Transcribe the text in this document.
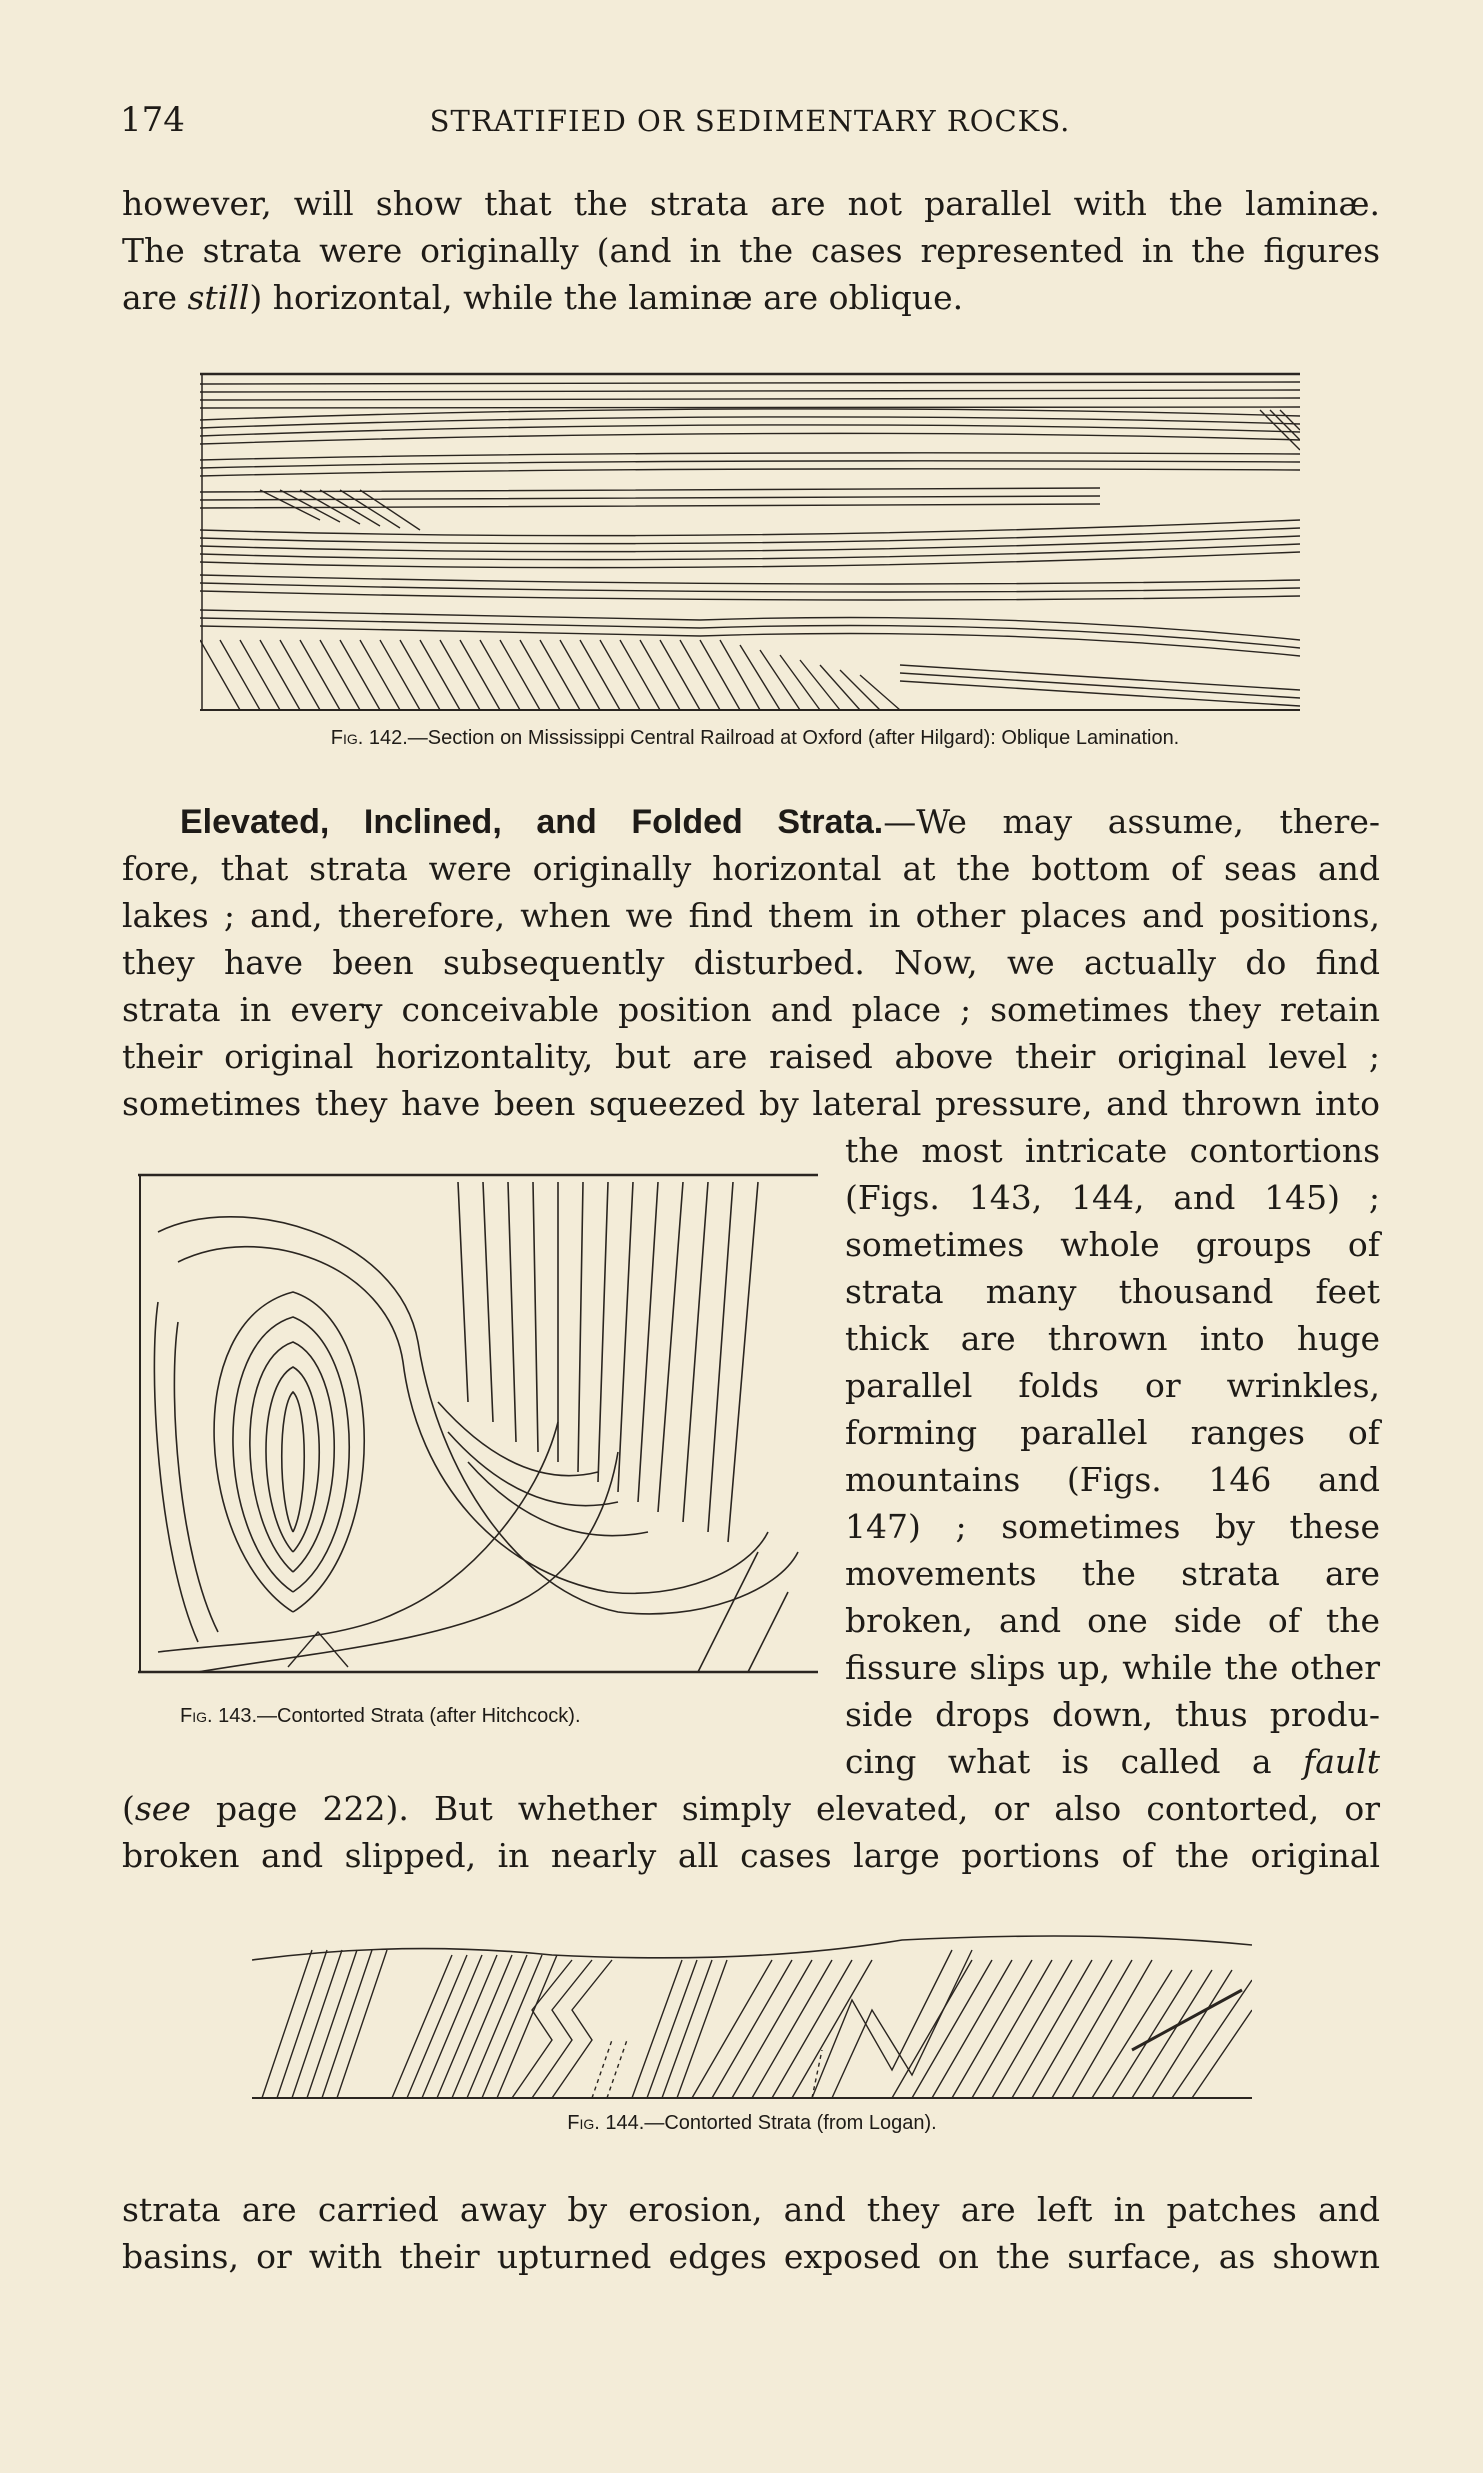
174	STRATIFIED OR SEDIMENTARY ROCKS.
however, will show that the strata are not parallel with the laminæ.
The strata were originally (and in the cases represented in the figures
are still) horizontal, while the laminæ are oblique.
Fig. 142.—Section on Mississippi Central Railroad at Oxford (after Hilgard): Oblique Lamination.
Elevated, Inclined, and Folded Strata.—We may assume, there-
fore, that strata were originally horizontal at the bottom of seas and
lakes ; and, therefore, when we find them in other places and positions,
they have been subsequently disturbed. Now, we actually do find
strata in every conceivable position and place ; sometimes they retain
their original horizontality, but are raised above their original level ;
sometimes they have been squeezed by lateral pressure, and thrown into
the most intricate contortions
(Figs. 143, 144, and 145) ;
sometimes whole groups of
strata many thousand feet
thick are thrown into huge
parallel folds or wrinkles,
forming parallel ranges of
mountains (Figs. 146 and
147) ; sometimes by these
movements the strata are
broken, and one side of the
fissure slips up, while the other
side drops down, thus produ-
cing what is called a fault
Fig. 143.—Contorted Strata (after Hitchcock).
(see page 222). But whether simply elevated, or also contorted, or
broken and slipped, in nearly all cases large portions of the original
Fig. 144.—Contorted Strata (from Logan).
strata are carried away by erosion, and they are left in patches and
basins, or with their upturned edges exposed on the surface, as shown
